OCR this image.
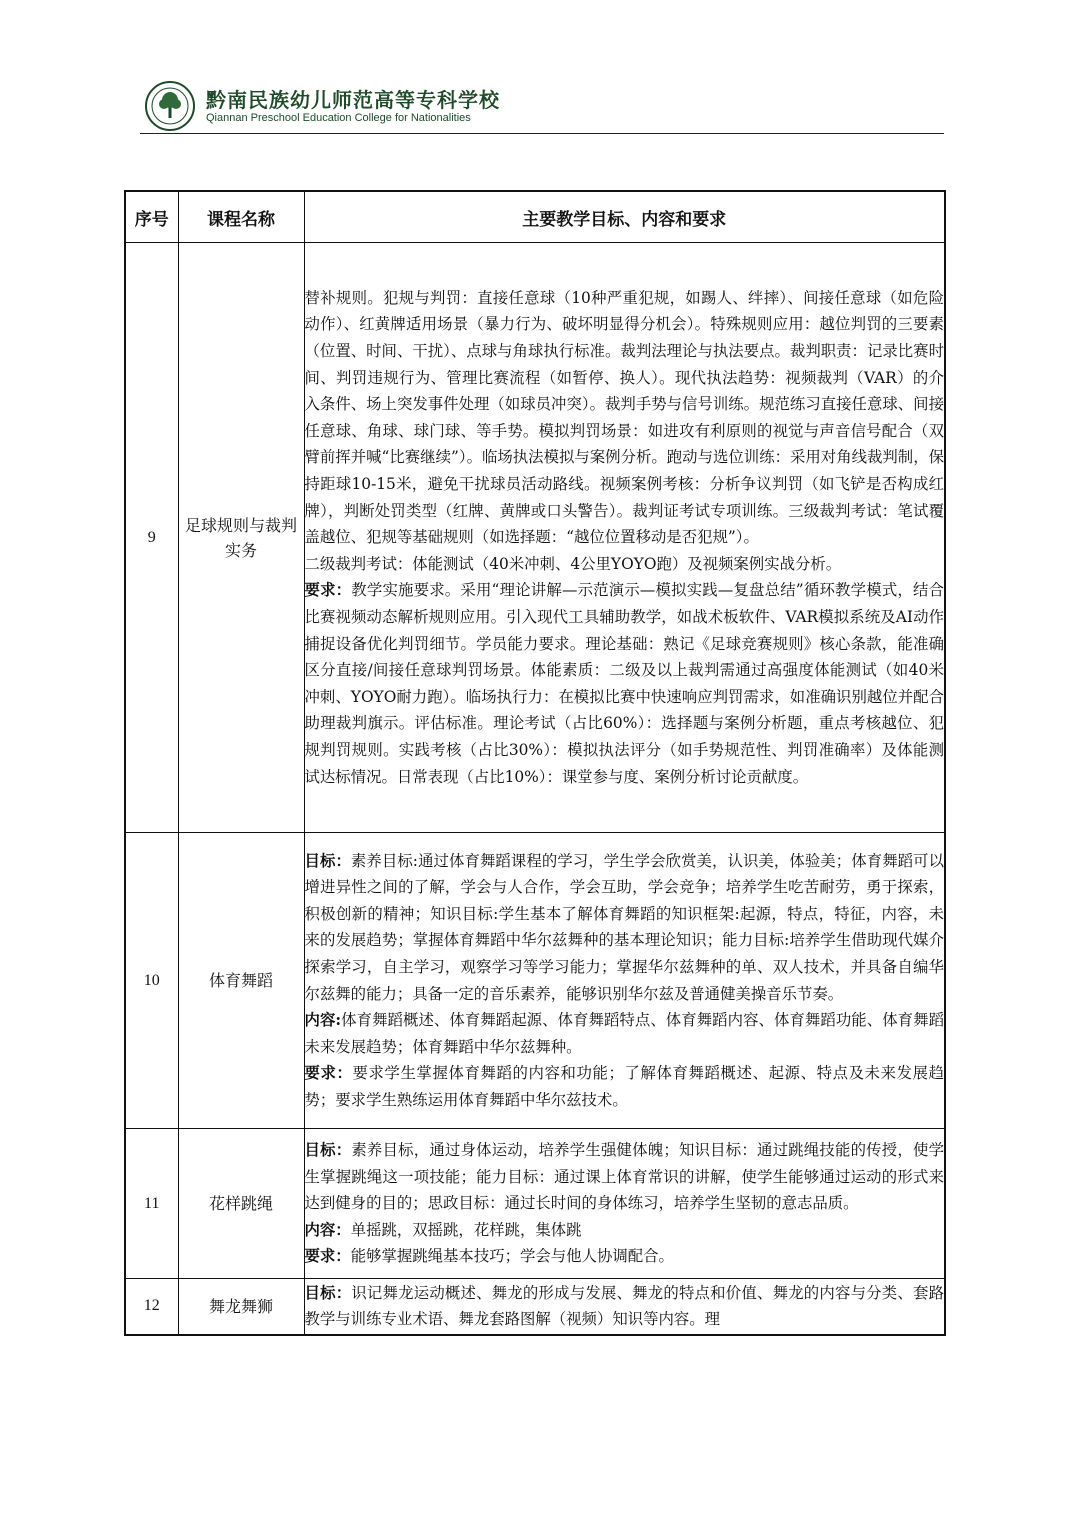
黔南民族幼儿师范高等专科学校
Qiannan Preschool Education College for Nationalities
序号	课程名称	主要教学目标、内容和要求
9	足球规则与裁判实务	替补规则。犯规与判罚：直接任意球（10种严重犯规，如踢人、绊摔）、间接任意球（如危险动作）、红黄牌适用场景（暴力行为、破坏明显得分机会）。特殊规则应用：越位判罚的三要素（位置、时间、干扰）、点球与角球执行标准。裁判法理论与执法要点。裁判职责：记录比赛时间、判罚违规行为、管理比赛流程（如暂停、换人）。现代执法趋势：视频裁判（VAR）的介入条件、场上突发事件处理（如球员冲突）。裁判手势与信号训练。规范练习直接任意球、间接任意球、角球、球门球、等手势。模拟判罚场景：如进攻有利原则的视觉与声音信号配合（双臂前挥并喊“比赛继续”）。临场执法模拟与案例分析。跑动与选位训练：采用对角线裁判制，保持距球10-15米，避免干扰球员活动路线。视频案例考核：分析争议判罚（如飞铲是否构成红牌），判断处罚类型（红牌、黄牌或口头警告）。裁判证考试专项训练。三级裁判考试：笔试覆盖越位、犯规等基础规则（如选择题：“越位位置移动是否犯规”）。

二级裁判考试：体能测试（40米冲刺、4公里YOYO跑）及视频案例实战分析。

要求：教学实施要求。采用“理论讲解—示范演示—模拟实践—复盘总结”循环教学模式，结合比赛视频动态解析规则应用。引入现代工具辅助教学，如战术板软件、VAR模拟系统及AI动作捕捉设备优化判罚细节。学员能力要求。理论基础：熟记《足球竞赛规则》核心条款，能准确区分直接/间接任意球判罚场景。体能素质：二级及以上裁判需通过高强度体能测试（如40米冲刺、YOYO耐力跑）。临场执行力：在模拟比赛中快速响应判罚需求，如准确识别越位并配合助理裁判旗示。评估标准。理论考试（占比60%）：选择题与案例分析题，重点考核越位、犯规判罚规则。实践考核（占比30%）：模拟执法评分（如手势规范性、判罚准确率）及体能测试达标情况。日常表现（占比10%）：课堂参与度、案例分析讨论贡献度。

10	体育舞蹈	目标：素养目标:通过体育舞蹈课程的学习，学生学会欣赏美，认识美，体验美；体育舞蹈可以增进异性之间的了解，学会与人合作，学会互助，学会竞争；培养学生吃苦耐劳，勇于探索，积极创新的精神；知识目标:学生基本了解体育舞蹈的知识框架:起源，特点，特征，内容，未来的发展趋势；掌握体育舞蹈中华尔兹舞种的基本理论知识；能力目标:培养学生借助现代媒介探索学习，自主学习，观察学习等学习能力；掌握华尔兹舞种的单、双人技术，并具备自编华尔兹舞的能力；具备一定的音乐素养，能够识别华尔兹及普通健美操音乐节奏。

内容:体育舞蹈概述、体育舞蹈起源、体育舞蹈特点、体育舞蹈内容、体育舞蹈功能、体育舞蹈未来发展趋势；体育舞蹈中华尔兹舞种。

要求：要求学生掌握体育舞蹈的内容和功能；了解体育舞蹈概述、起源、特点及未来发展趋势；要求学生熟练运用体育舞蹈中华尔兹技术。

11	花样跳绳	目标：素养目标，通过身体运动，培养学生强健体魄；知识目标：通过跳绳技能的传授，使学生掌握跳绳这一项技能；能力目标：通过课上体育常识的讲解，使学生能够通过运动的形式来达到健身的目的；思政目标：通过长时间的身体练习，培养学生坚韧的意志品质。

内容：单摇跳，双摇跳，花样跳，集体跳

要求：能够掌握跳绳基本技巧；学会与他人协调配合。

12	舞龙舞狮	目标：识记舞龙运动概述、舞龙的形成与发展、舞龙的特点和价值、舞龙的内容与分类、套路教学与训练专业术语、舞龙套路图解（视频）知识等内容。理
